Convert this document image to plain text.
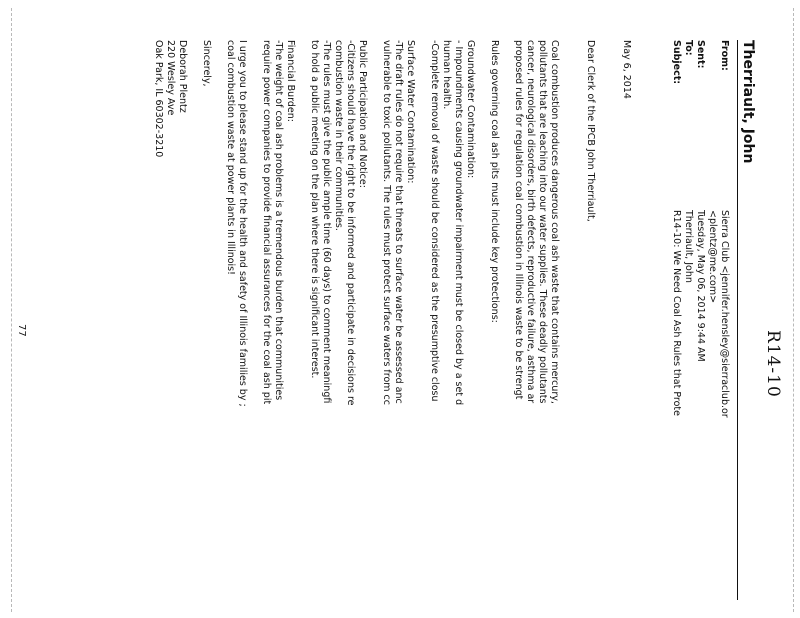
R14-10
Therriault, John
From:
Sierra Club <jennifer.hensley@sierraclub.or
<plentz@me.com>
Sent:
Tuesday, May 06, 2014 9:44 AM
To:
Therriault, John
Subject:
R14-10: We Need Coal Ash Rules that Prote

May 6, 2014

Dear Clerk of the IPCB John Therriault,

Coal combustion produces dangerous coal ash waste that contains mercury,

pollutants that are leaching into our water supplies. These deadly pollutants

cancer, neurological disorders, birth defects, reproductive failure, asthma ar

proposed rules for regulation coal combustion in Illinois waste to be strengt

Rules governing coal ash pits must include key protections:

Groundwater Contamination:

- Impoundments causing groundwater impairment must be closed by a set d

human health.

-Complete removal of waste should be considered as the presumptive closu

Surface Water Contamination:

-The draft rules do not require that threats to surface water be assessed anc

vulnerable to toxic pollutants. The rules must protect surface waters from cc

Public Participation and Notice:

-Citizens should have the right to be informed and participate in decisions re

combustion waste in their communities.

-The rules must give the public ample time (60 days) to comment meaningfi

to hold a public meeting on the plan where there is significant interest.

Financial Burden:

-The weight of coal ash problems is a tremendous burden that communities

require power companies to provide financial assurances for the coal ash pit

I urge you to please stand up for the health and safety of Illinois families by ;

coal combustion waste at power plants in Illinois!

Sincerely,

Deborah Plentz

220 Wesley Ave

Oak Park, IL 60302-3210

77
